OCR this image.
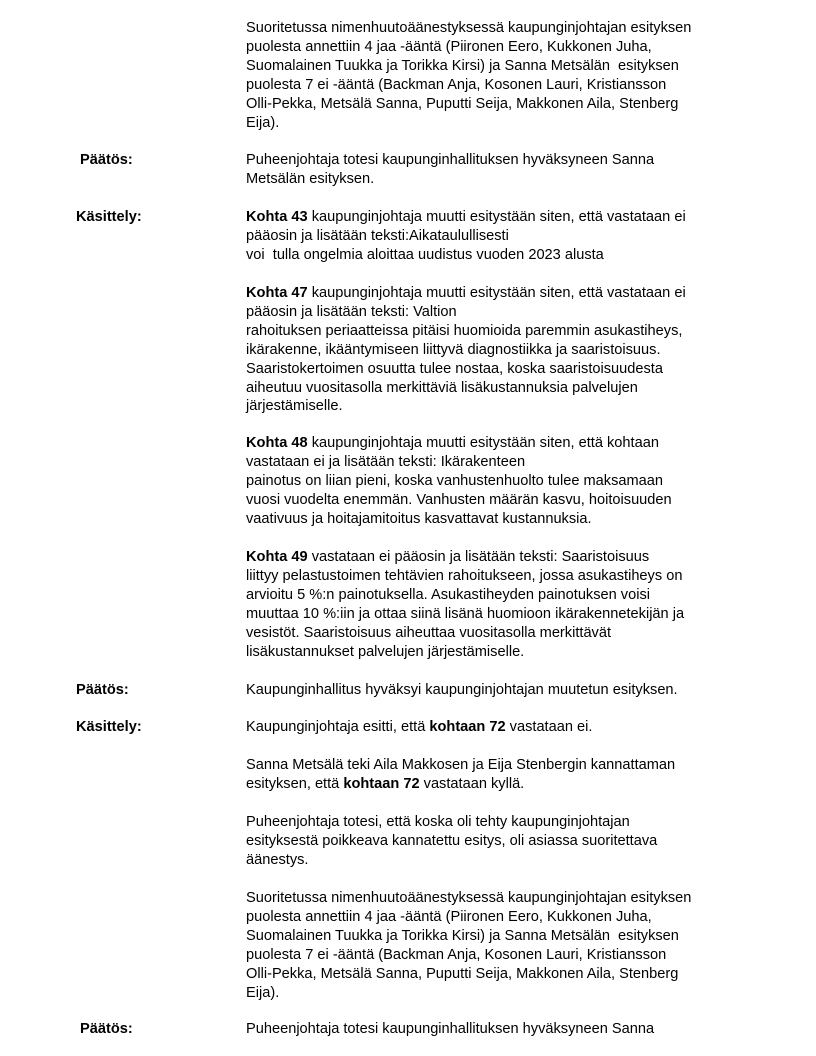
Suoritetussa nimenhuutoäänestyksessä kaupunginjohtajan esityksen

puolesta annettiin 4 jaa -ääntä (Piironen Eero, Kukkonen Juha,

Suomalainen Tuukka ja Torikka Kirsi) ja Sanna Metsälän  esityksen

puolesta 7 ei -ääntä (Backman Anja, Kosonen Lauri, Kristiansson

Olli-Pekka, Metsälä Sanna, Puputti Seija, Makkonen Aila, Stenberg

Eija).

Päätös:	Puheenjohtaja totesi kaupunginhallituksen hyväksyneen Sanna

Metsälän esityksen.

Käsittely:	Kohta 43 kaupunginjohtaja muutti esitystään siten, että vastataan ei

pääosin ja lisätään teksti:Aikataulullisesti

voi  tulla ongelmia aloittaa uudistus vuoden 2023 alusta

Kohta 47 kaupunginjohtaja muutti esitystään siten, että vastataan ei

pääosin ja lisätään teksti: Valtion

rahoituksen periaatteissa pitäisi huomioida paremmin asukastiheys,

ikärakenne, ikääntymiseen liittyvä diagnostiikka ja saaristoisuus.

Saaristokertoimen osuutta tulee nostaa, koska saaristoisuudesta

aiheutuu vuositasolla merkittäviä lisäkustannuksia palvelujen

järjestämiselle.

Kohta 48 kaupunginjohtaja muutti esitystään siten, että kohtaan

vastataan ei ja lisätään teksti: Ikärakenteen

painotus on liian pieni, koska vanhustenhuolto tulee maksamaan

vuosi vuodelta enemmän. Vanhusten määrän kasvu, hoitoisuuden

vaativuus ja hoitajamitoitus kasvattavat kustannuksia.

Kohta 49 vastataan ei pääosin ja lisätään teksti: Saaristoisuus

liittyy pelastustoimen tehtävien rahoitukseen, jossa asukastiheys on

arvioitu 5 %:n painotuksella. Asukastiheyden painotuksen voisi

muuttaa 10 %:iin ja ottaa siinä lisänä huomioon ikärakennetekijän ja

vesistöt. Saaristoisuus aiheuttaa vuositasolla merkittävät

lisäkustannukset palvelujen järjestämiselle.

Päätös:	Kaupunginhallitus hyväksyi kaupunginjohtajan muutetun esityksen.

Käsittely:	Kaupunginjohtaja esitti, että kohtaan 72 vastataan ei.

Sanna Metsälä teki Aila Makkosen ja Eija Stenbergin kannattaman

esityksen, että kohtaan 72 vastataan kyllä.

Puheenjohtaja totesi, että koska oli tehty kaupunginjohtajan

esityksestä poikkeava kannatettu esitys, oli asiassa suoritettava

äänestys.

Suoritetussa nimenhuutoäänestyksessä kaupunginjohtajan esityksen

puolesta annettiin 4 jaa -ääntä (Piironen Eero, Kukkonen Juha,

Suomalainen Tuukka ja Torikka Kirsi) ja Sanna Metsälän  esityksen

puolesta 7 ei -ääntä (Backman Anja, Kosonen Lauri, Kristiansson

Olli-Pekka, Metsälä Sanna, Puputti Seija, Makkonen Aila, Stenberg

Eija).

Päätös:	Puheenjohtaja totesi kaupunginhallituksen hyväksyneen Sanna
